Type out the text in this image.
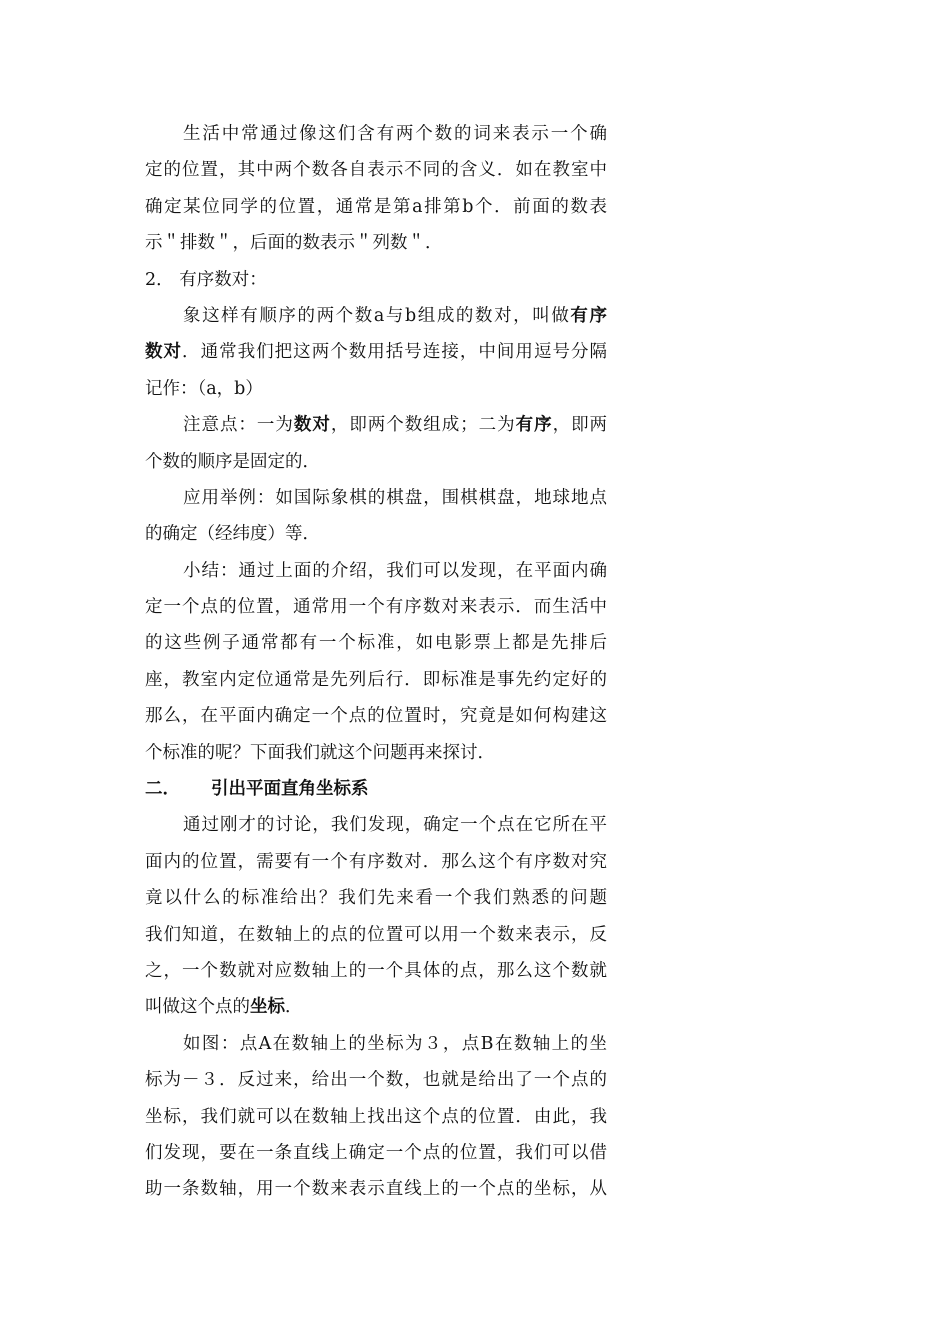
生活中常通过像这们含有两个数的词来表示一个确
定的位置，其中两个数各自表示不同的含义．如在教室中
确定某位同学的位置，通常是第a排第b个．前面的数表
示＂排数＂，后面的数表示＂列数＂．
2． 有序数对：
象这样有顺序的两个数a与b组成的数对，叫做有序
数对．通常我们把这两个数用括号连接，中间用逗号分隔
记作：（a，b）
注意点：一为数对，即两个数组成；二为有序，即两
个数的顺序是固定的．
应用举例：如国际象棋的棋盘，围棋棋盘，地球地点
的确定（经纬度）等．
小结：通过上面的介绍，我们可以发现，在平面内确
定一个点的位置，通常用一个有序数对来表示．而生活中
的这些例子通常都有一个标准，如电影票上都是先排后
座，教室内定位通常是先列后行．即标准是事先约定好的
那么，在平面内确定一个点的位置时，究竟是如何构建这
个标准的呢？下面我们就这个问题再来探讨．
二． 引出平面直角坐标系
通过刚才的讨论，我们发现，确定一个点在它所在平
面内的位置，需要有一个有序数对．那么这个有序数对究
竟以什么的标准给出？我们先来看一个我们熟悉的问题
我们知道，在数轴上的点的位置可以用一个数来表示，反
之，一个数就对应数轴上的一个具体的点，那么这个数就
叫做这个点的坐标．
如图：点A在数轴上的坐标为３，点B在数轴上的坐
标为－３．反过来，给出一个数，也就是给出了一个点的
坐标，我们就可以在数轴上找出这个点的位置．由此，我
们发现，要在一条直线上确定一个点的位置，我们可以借
助一条数轴，用一个数来表示直线上的一个点的坐标，从
